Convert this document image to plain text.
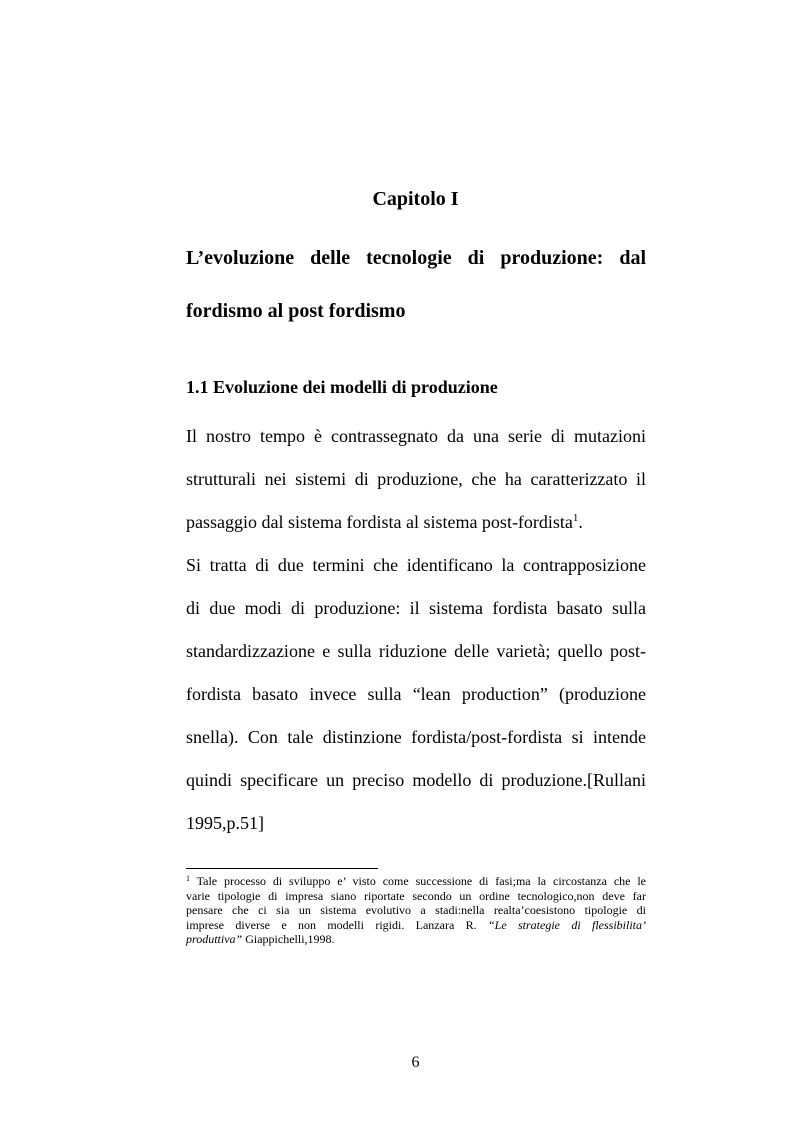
Capitolo I
L’evoluzione delle tecnologie di produzione: dal
fordismo al post fordismo
1.1 Evoluzione dei modelli di produzione
Il nostro tempo è contrassegnato da una serie di mutazioni
strutturali nei sistemi di produzione, che ha caratterizzato il
passaggio dal sistema fordista al sistema post-fordista$^1$.
Si tratta di due termini che identificano la contrapposizione
di due modi di produzione: il sistema fordista basato sulla
standardizzazione e sulla riduzione delle varietà; quello post-
fordista basato invece sulla “lean production” (produzione
snella). Con tale distinzione fordista/post-fordista si intende
quindi specificare un preciso modello di produzione.[Rullani
1995,p.51]
$^1$ Tale processo di sviluppo e’ visto come successione di fasi;ma la circostanza che le
varie tipologie di impresa siano riportate secondo un ordine tecnologico,non deve far
pensare che ci sia un sistema evolutivo a stadi:nella realta’coesistono tipologie di
imprese diverse e non modelli rigidi. Lanzara R. “Le strategie di flessibilita’
produttiva” Giappichelli,1998.
6
